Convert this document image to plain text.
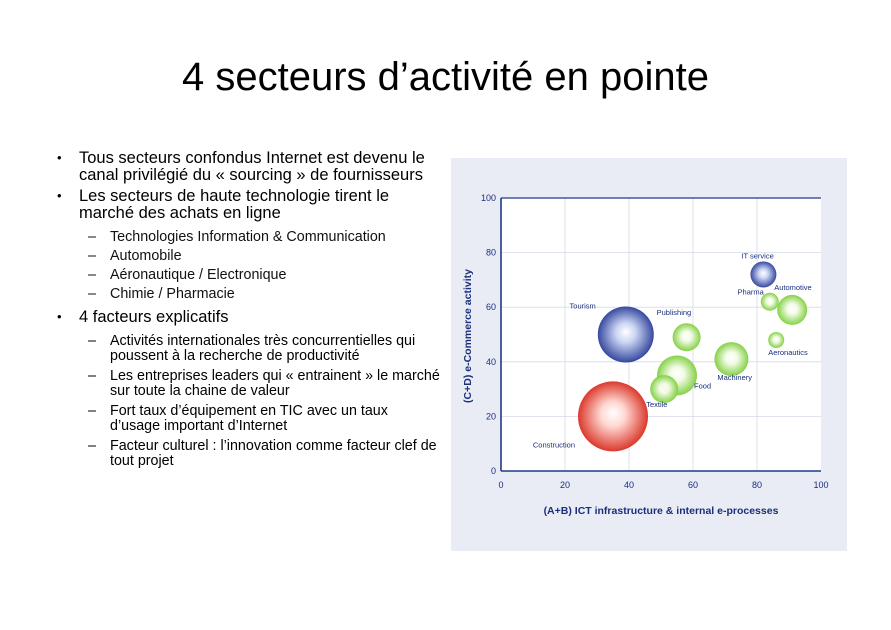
4 secteurs d’activité en pointe
• Tous secteurs confondus Internet est devenu le canal privilégié du « sourcing » de fournisseurs
• Les secteurs de haute technologie tirent le marché des achats en ligne
– Technologies Information & Communication
– Automobile
– Aéronautique / Electronique
– Chimie / Pharmacie
• 4 facteurs explicatifs
– Activités internationales très concurrentielles qui poussent à la recherche de productivité
– Les entreprises leaders qui « entrainent » le marché sur toute la chaine de valeur
– Fort taux d’équipement en TIC avec un taux d’usage important d’Internet
– Facteur culturel : l’innovation comme facteur clef de tout projet
0	20	40	60	80	100
0
20
40
60
80
100
IT service
Automotive
Pharma
Aeronautics
Tourism
Publishing
Machinery
Food
Textile
Construction
(A+B) ICT infrastructure & internal e-processes
(C+D) e-Commerce activity
